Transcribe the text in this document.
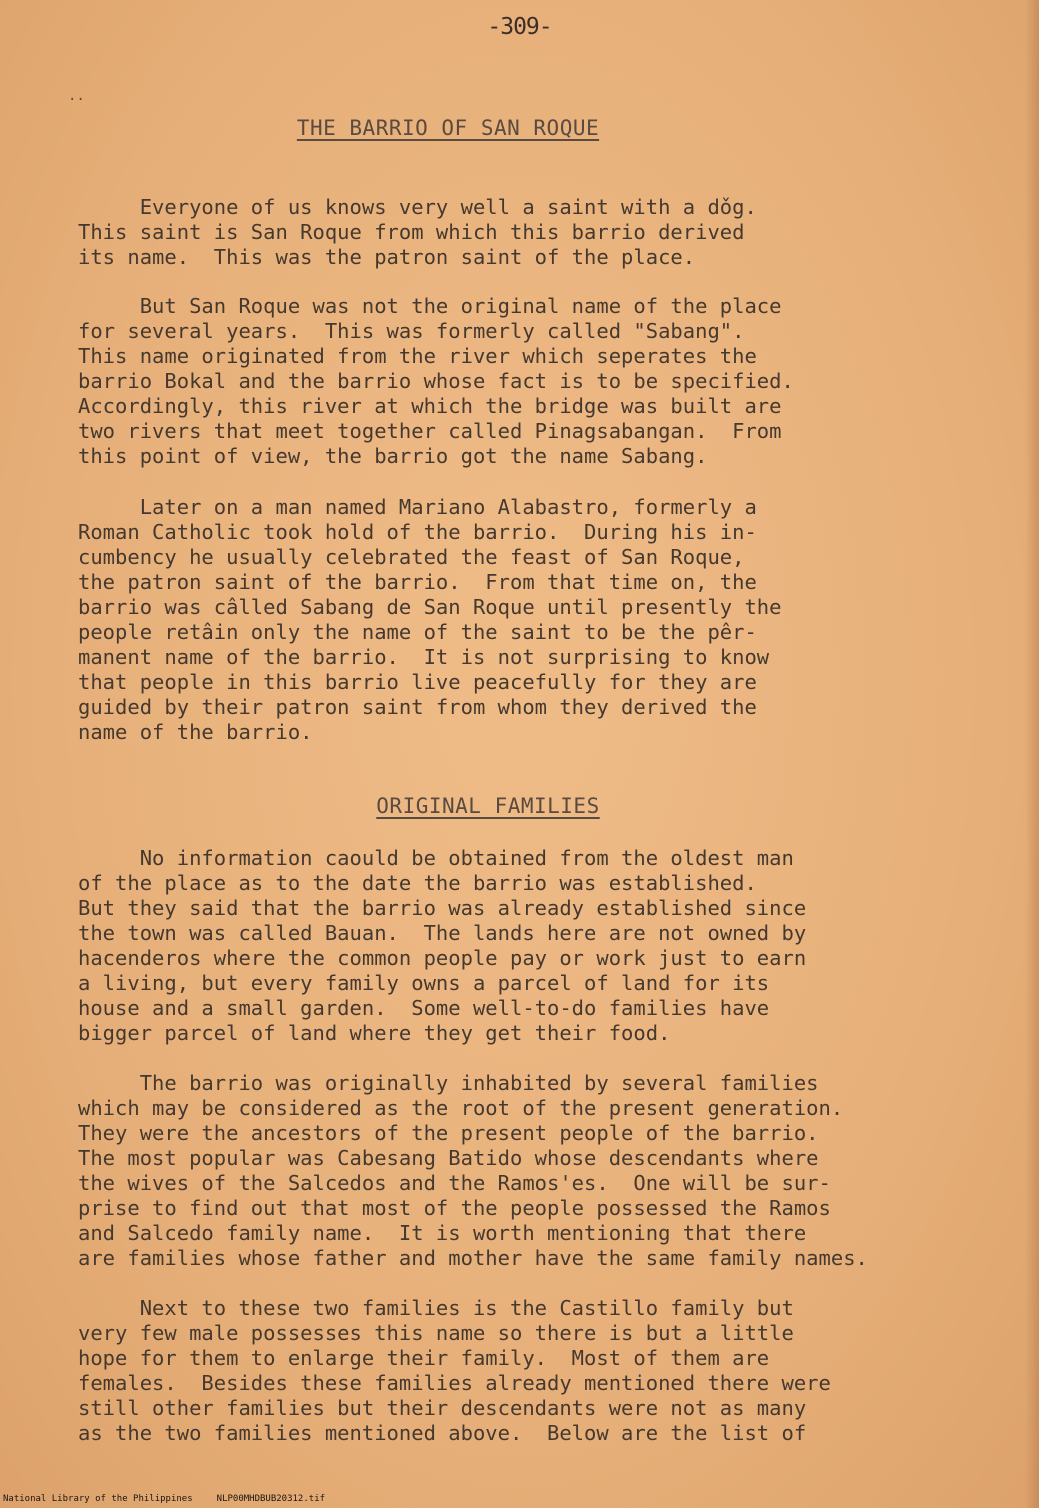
-309-
··
THE BARRIO OF SAN ROQUE
Everyone of us knows very well a saint with a dǒg.
This saint is San Roque from which this barrio derived
its name.  This was the patron saint of the place.
But San Roque was not the original name of the place
for several years.  This was formerly called "Sabang".
This name originated from the river which seperates the
barrio Bokal and the barrio whose fact is to be specified.
Accordingly, this river at which the bridge was built are
two rivers that meet together called Pinagsabangan.  From
this point of view, the barrio got the name Sabang.
Later on a man named Mariano Alabastro, formerly a
Roman Catholic took hold of the barrio.  During his in-
cumbency he usually celebrated the feast of San Roque,
the patron saint of the barrio.  From that time on, the
barrio was câlled Sabang de San Roque until presently the
people retâin only the name of the saint to be the pêr-
manent name of the barrio.  It is not surprising to know
that people in this barrio live peacefully for they are
guided by their patron saint from whom they derived the
name of the barrio.
ORIGINAL FAMILIES
No information caould be obtained from the oldest man
of the place as to the date the barrio was established.
But they said that the barrio was already established since
the town was called Bauan.  The lands here are not owned by
hacenderos where the common people pay or work just to earn
a living, but every family owns a parcel of land for its
house and a small garden.  Some well-to-do families have
bigger parcel of land where they get their food.
The barrio was originally inhabited by several families
which may be considered as the root of the present generation.
They were the ancestors of the present people of the barrio.
The most popular was Cabesang Batido whose descendants where
the wives of the Salcedos and the Ramos'es.  One will be sur-
prise to find out that most of the people possessed the Ramos
and Salcedo family name.  It is worth mentioning that there
are families whose father and mother have the same family names.
Next to these two families is the Castillo family but
very few male possesses this name so there is but a little
hope for them to enlarge their family.  Most of them are
females.  Besides these families already mentioned there were
still other families but their descendants were not as many
as the two families mentioned above.  Below are the list of
National Library of the Philippines	NLP00MHDBUB20312.tif
